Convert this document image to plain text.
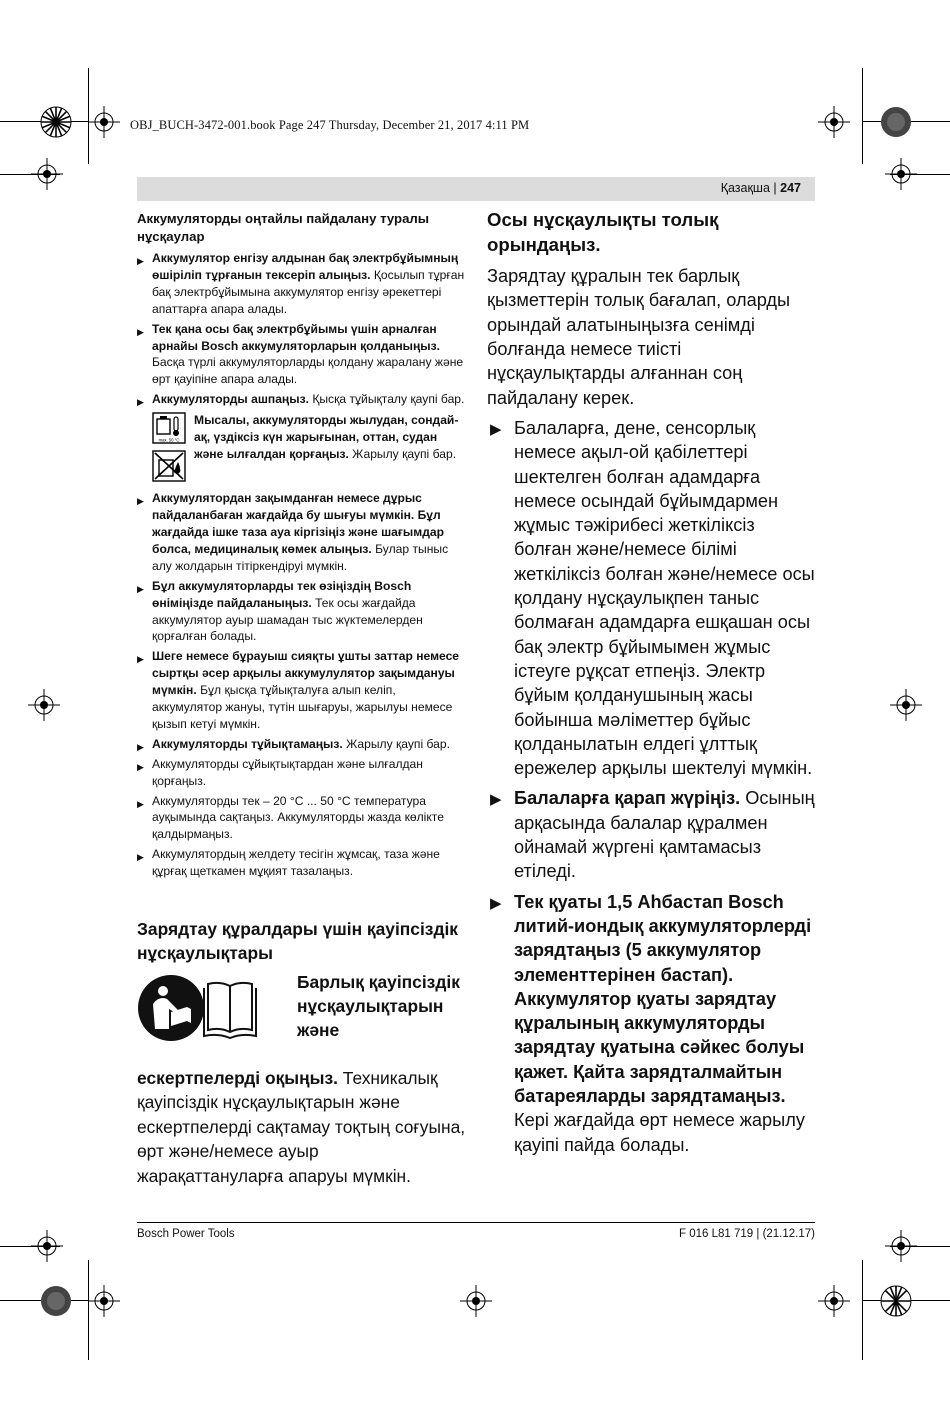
OBJ_BUCH-3472-001.book Page 247 Thursday, December 21, 2017 4:11 PM
Қазақша | 247
Аккумуляторды оңтайлы пайдалану туралы нұсқаулар
▶ Аккумулятор енгізу алдынан бақ электрбұйымның өшіріліп тұрғанын тексеріп алыңыз. Қосылып тұрған бақ электрбұйымына аккумулятор енгізу әрекеттері апаттарға апара алады.
▶ Тек қана осы бақ электрбұйымы үшін арналған арнайы Bosch аккумуляторларын қолданыңыз. Басқа түрлі аккумуляторларды қолдану жаралану және өрт қауіпіне апара алады.
▶ Аккумуляторды ашпаңыз. Қысқа тұйықталу қаупі бар.
max. 50 °C
Мысалы, аккумуляторды жылудан, сондай-ақ, үздіксіз күн жарығынан, оттан, судан және ылғалдан қорғаңыз. Жарылу қаупі бар.
▶ Аккумулятордан зақымданған немесе дұрыс пайдаланбаған жағдайда бу шығуы мүмкін. Бұл жағдайда ішке таза ауа кіргізіңіз және шағымдар болса, медициналық көмек алыңыз. Булар тыныс алу жолдарын тітіркендіруі мүмкін.
▶ Бұл аккумуляторларды тек өзіңіздің Bosch өніміңізде пайдаланыңыз. Тек осы жағдайда аккумулятор ауыр шамадан тыс жүктемелерден қорғалған болады.
▶ Шеге немесе бұрауыш сияқты ұшты заттар немесе сыртқы әсер арқылы аккумулулятор зақымдануы мүмкін. Бұл қысқа тұйықталуға алып келіп, аккумулятор жануы, түтін шығаруы, жарылуы немесе қызып кетуі мүмкін.
▶ Аккумуляторды тұйықтамаңыз. Жарылу қаупі бар.
▶ Аккумуляторды сұйықтықтардан және ылғалдан қорғаңыз.
▶ Аккумуляторды тек – 20 °C ... 50 °C температура ауқымында сақтаңыз. Аккумуляторды жазда көлікте қалдырмаңыз.
▶ Аккумулятордың желдету тесігін жұмсақ, таза және құрғақ щеткамен мұқият тазалаңыз.
Зарядтау құралдары үшін қауіпсіздік нұсқаулықтары
Барлық қауіпсіздік нұсқаулықтарын және
ескертпелерді оқыңыз. Техникалық қауіпсіздік нұсқаулықтарын және ескертпелерді сақтамау тоқтың соғуына, өрт және/немесе ауыр жарақаттануларға апаруы мүмкін.
Осы нұсқаулықты толық орындаңыз.

Зарядтау құралын тек барлық қызметтерін толық бағалап, оларды орындай алатыныңызға сенімді болғанда немесе тиісті нұсқаулықтарды алғаннан соң пайдалану керек.

▶ Балаларға, дене, сенсорлық немесе ақыл-ой қабілеттері шектелген болған адамдарға немесе осындай бұйымдармен жұмыс тәжірибесі жеткіліксіз болған және/немесе білімі жеткіліксіз болған және/немесе осы қолдану нұсқаулықпен таныс болмаған адамдарға ешқашан осы бақ электр бұйымымен жұмыс істеуге рұқсат етпеңіз. Электр бұйым қолданушының жасы бойынша мәліметтер бұйыс қолданылатын елдегі ұлттық ережелер арқылы шектелуі мүмкін.
▶ Балаларға қарап жүріңіз. Осының арқасында балалар құралмен ойнамай жүргені қамтамасыз етіледі.
▶ Тек қуаты 1,5 Ahбастап Bosch литий-иондық аккумуляторлерді зарядтаңыз (5 аккумулятор элементтерінен бастап). Аккумулятор қуаты зарядтау құралының аккумуляторды зарядтау қуатына сәйкес болуы қажет. Қайта зарядталмайтын батареяларды зарядтамаңыз. Кері жағдайда өрт немесе жарылу қауіпі пайда болады.
Bosch Power Tools	F 016 L81 719 | (21.12.17)
